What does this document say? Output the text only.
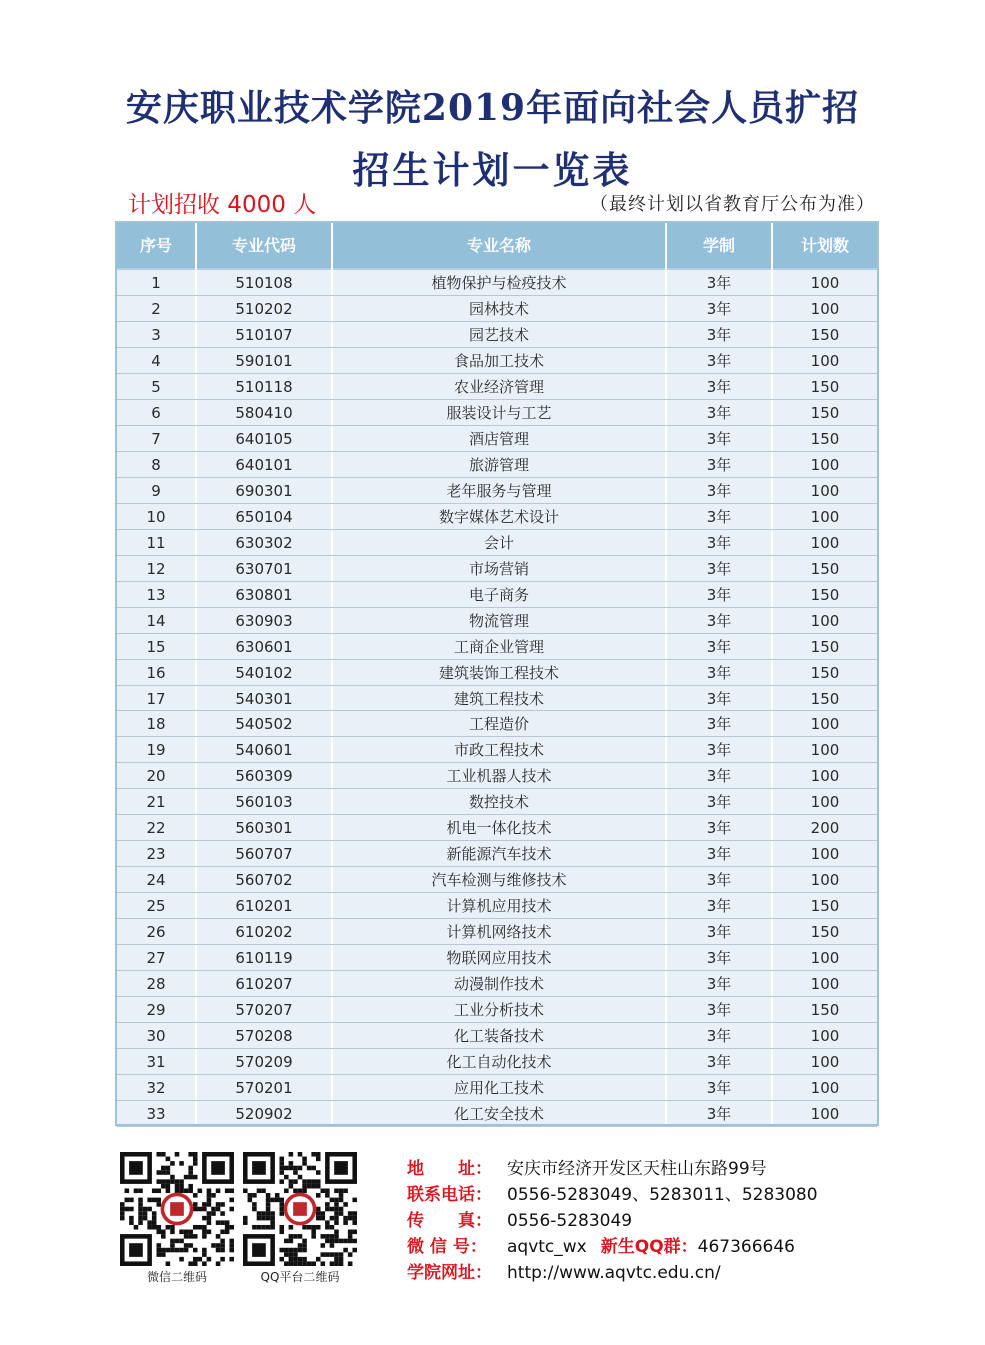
安庆职业技术学院2019年面向社会人员扩招
招生计划一览表
计划招收 4000 人	（最终计划以省教育厅公布为准）
序号	专业代码	专业名称	学制	计划数
1	510108	植物保护与检疫技术	3年	100
2	510202	园林技术	3年	100
3	510107	园艺技术	3年	150
4	590101	食品加工技术	3年	100
5	510118	农业经济管理	3年	150
6	580410	服装设计与工艺	3年	150
7	640105	酒店管理	3年	150
8	640101	旅游管理	3年	100
9	690301	老年服务与管理	3年	100
10	650104	数字媒体艺术设计	3年	100
11	630302	会计	3年	100
12	630701	市场营销	3年	150
13	630801	电子商务	3年	150
14	630903	物流管理	3年	100
15	630601	工商企业管理	3年	150
16	540102	建筑装饰工程技术	3年	150
17	540301	建筑工程技术	3年	150
18	540502	工程造价	3年	100
19	540601	市政工程技术	3年	100
20	560309	工业机器人技术	3年	100
21	560103	数控技术	3年	100
22	560301	机电一体化技术	3年	200
23	560707	新能源汽车技术	3年	100
24	560702	汽车检测与维修技术	3年	100
25	610201	计算机应用技术	3年	150
26	610202	计算机网络技术	3年	150
27	610119	物联网应用技术	3年	100
28	610207	动漫制作技术	3年	100
29	570207	工业分析技术	3年	150
30	570208	化工装备技术	3年	100
31	570209	化工自动化技术	3年	100
32	570201	应用化工技术	3年	100
33	520902	化工安全技术	3年	100
微信二维码	QQ平台二维码
地　　址： 安庆市经济开发区天柱山东路99号
联系电话： 0556-5283049、5283011、5283080
传　　真： 0556-5283049
微 信 号： aqvtc_wx 新生QQ群：467366646
学院网址： http://www.aqvtc.edu.cn/
